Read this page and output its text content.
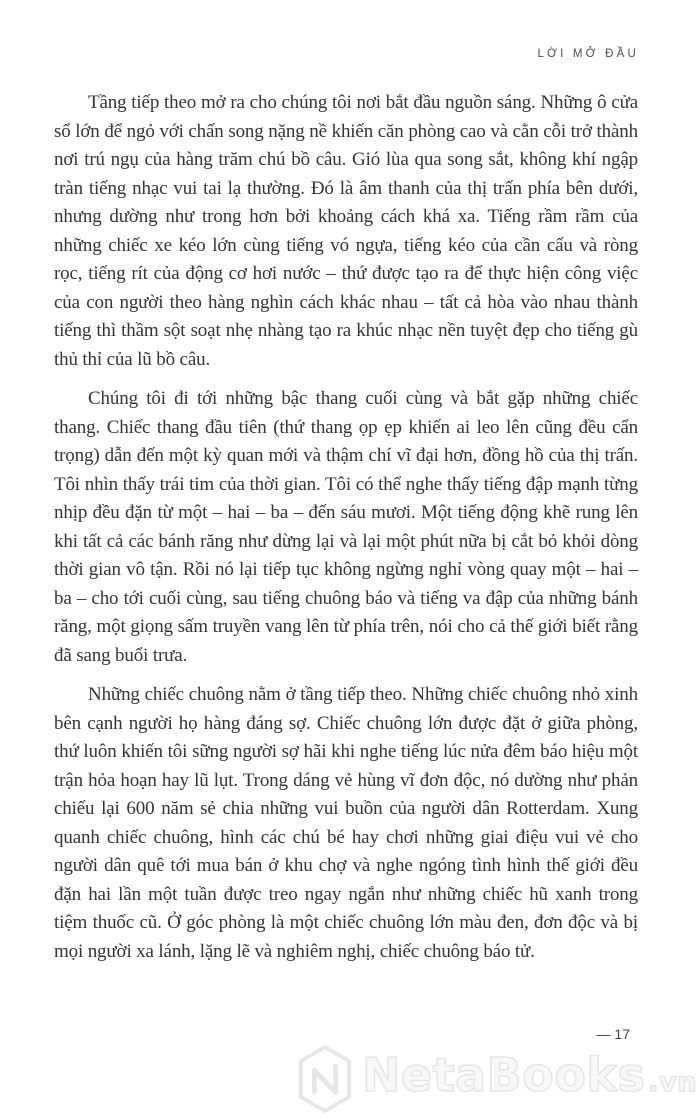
LỜI MỞ ĐẦU

Tầng tiếp theo mở ra cho chúng tôi nơi bắt đầu nguồn sáng. Những ô cửa sổ lớn để ngỏ với chấn song nặng nề khiến căn phòng cao và cằn cỗi trở thành nơi trú ngụ của hàng trăm chú bồ câu. Gió lùa qua song sắt, không khí ngập tràn tiếng nhạc vui tai lạ thường. Đó là âm thanh của thị trấn phía bên dưới, nhưng dường như trong hơn bởi khoảng cách khá xa. Tiếng rầm rầm của những chiếc xe kéo lớn cùng tiếng vó ngựa, tiếng kéo của cần cẩu và ròng rọc, tiếng rít của động cơ hơi nước – thứ được tạo ra để thực hiện công việc của con người theo hàng nghìn cách khác nhau – tất cả hòa vào nhau thành tiếng thì thầm sột soạt nhẹ nhàng tạo ra khúc nhạc nền tuyệt đẹp cho tiếng gù thủ thỉ của lũ bồ câu.

Chúng tôi đi tới những bậc thang cuối cùng và bắt gặp những chiếc thang. Chiếc thang đầu tiên (thứ thang ọp ẹp khiến ai leo lên cũng đều cẩn trọng) dẫn đến một kỳ quan mới và thậm chí vĩ đại hơn, đồng hồ của thị trấn. Tôi nhìn thấy trái tim của thời gian. Tôi có thể nghe thấy tiếng đập mạnh từng nhịp đều đặn từ một – hai – ba – đến sáu mươi. Một tiếng động khẽ rung lên khi tất cả các bánh răng như dừng lại và lại một phút nữa bị cắt bỏ khỏi dòng thời gian vô tận. Rồi nó lại tiếp tục không ngừng nghỉ vòng quay một – hai – ba – cho tới cuối cùng, sau tiếng chuông báo và tiếng va đập của những bánh răng, một giọng sấm truyền vang lên từ phía trên, nói cho cả thế giới biết rằng đã sang buổi trưa.

Những chiếc chuông nằm ở tầng tiếp theo. Những chiếc chuông nhỏ xinh bên cạnh người họ hàng đáng sợ. Chiếc chuông lớn được đặt ở giữa phòng, thứ luôn khiến tôi sững người sợ hãi khi nghe tiếng lúc nửa đêm báo hiệu một trận hỏa hoạn hay lũ lụt. Trong dáng vẻ hùng vĩ đơn độc, nó dường như phản chiếu lại 600 năm sẻ chia những vui buồn của người dân Rotterdam. Xung quanh chiếc chuông, hình các chú bé hay chơi những giai điệu vui vẻ cho người dân quê tới mua bán ở khu chợ và nghe ngóng tình hình thế giới đều đặn hai lần một tuần được treo ngay ngắn như những chiếc hũ xanh trong tiệm thuốc cũ. Ở góc phòng là một chiếc chuông lớn màu đen, đơn độc và bị mọi người xa lánh, lặng lẽ và nghiêm nghị, chiếc chuông báo tử.

— 17
NetaBooks .vn
